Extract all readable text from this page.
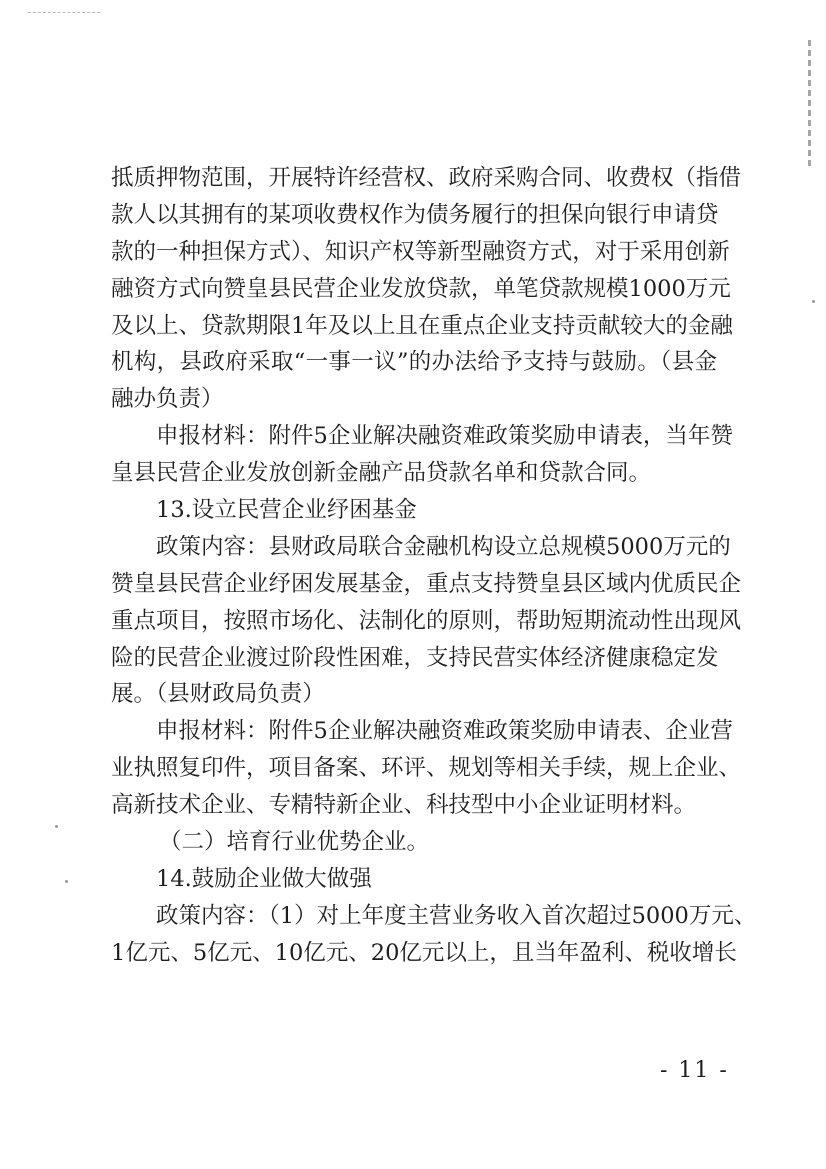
抵质押物范围，开展特许经营权、政府采购合同、收费权（指借
款人以其拥有的某项收费权作为债务履行的担保向银行申请贷
款的一种担保方式）、知识产权等新型融资方式，对于采用创新
融资方式向赞皇县民营企业发放贷款，单笔贷款规模1000万元
及以上、贷款期限1年及以上且在重点企业支持贡献较大的金融
机构，县政府采取“一事一议”的办法给予支持与鼓励。（县金
融办负责）
申报材料：附件5企业解决融资难政策奖励申请表，当年赞
皇县民营企业发放创新金融产品贷款名单和贷款合同。
13.设立民营企业纾困基金
政策内容：县财政局联合金融机构设立总规模5000万元的
赞皇县民营企业纾困发展基金，重点支持赞皇县区域内优质民企
重点项目，按照市场化、法制化的原则，帮助短期流动性出现风
险的民营企业渡过阶段性困难，支持民营实体经济健康稳定发
展。（县财政局负责）
申报材料：附件5企业解决融资难政策奖励申请表、企业营
业执照复印件，项目备案、环评、规划等相关手续，规上企业、
高新技术企业、专精特新企业、科技型中小企业证明材料。
（二）培育行业优势企业。
14.鼓励企业做大做强
政策内容：（1）对上年度主营业务收入首次超过5000万元、
1亿元、5亿元、10亿元、20亿元以上，且当年盈利、税收增长
- 11 -
